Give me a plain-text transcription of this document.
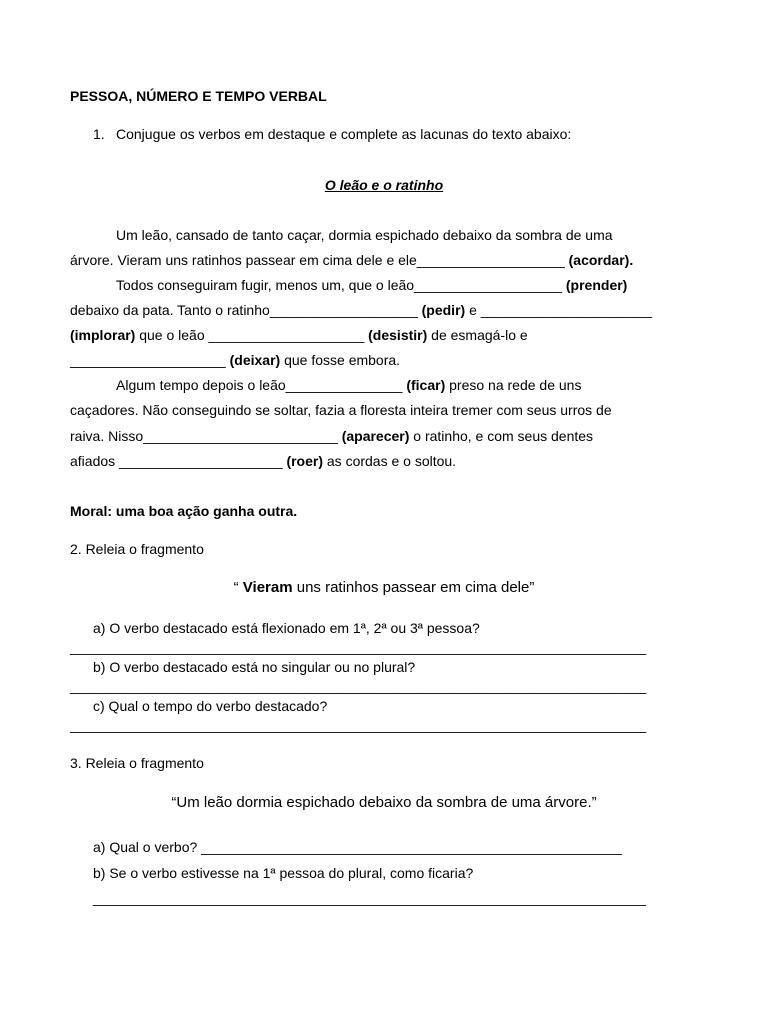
PESSOA, NÚMERO E TEMPO VERBAL
1. Conjugue os verbos em destaque e complete as lacunas do texto abaixo:
O leão e o ratinho
Um leão, cansado de tanto caçar, dormia espichado debaixo da sombra de uma
árvore. Vieram uns ratinhos passear em cima dele e ele___________________ (acordar).
Todos conseguiram fugir, menos um, que o leão___________________ (prender)
debaixo da pata. Tanto o ratinho___________________ (pedir) e ______________________
(implorar) que o leão ____________________ (desistir) de esmagá-lo e
____________________ (deixar) que fosse embora.
Algum tempo depois o leão_______________ (ficar) preso na rede de uns
caçadores. Não conseguindo se soltar, fazia a floresta inteira tremer com seus urros de
raiva. Nisso_________________________ (aparecer) o ratinho, e com seus dentes
afiados _____________________ (roer) as cordas e o soltou.
Moral: uma boa ação ganha outra.
2. Releia o fragmento
“ Vieram uns ratinhos passear em cima dele”
a) O verbo destacado está flexionado em 1ª, 2ª ou 3ª pessoa?
__________________________________________________________________________
b) O verbo destacado está no singular ou no plural?
__________________________________________________________________________
c) Qual o tempo do verbo destacado?
__________________________________________________________________________
3. Releia o fragmento
“Um leão dormia espichado debaixo da sombra de uma árvore.”
a) Qual o verbo? ______________________________________________________
b) Se o verbo estivesse na 1ª pessoa do plural, como ficaria?
_______________________________________________________________________
